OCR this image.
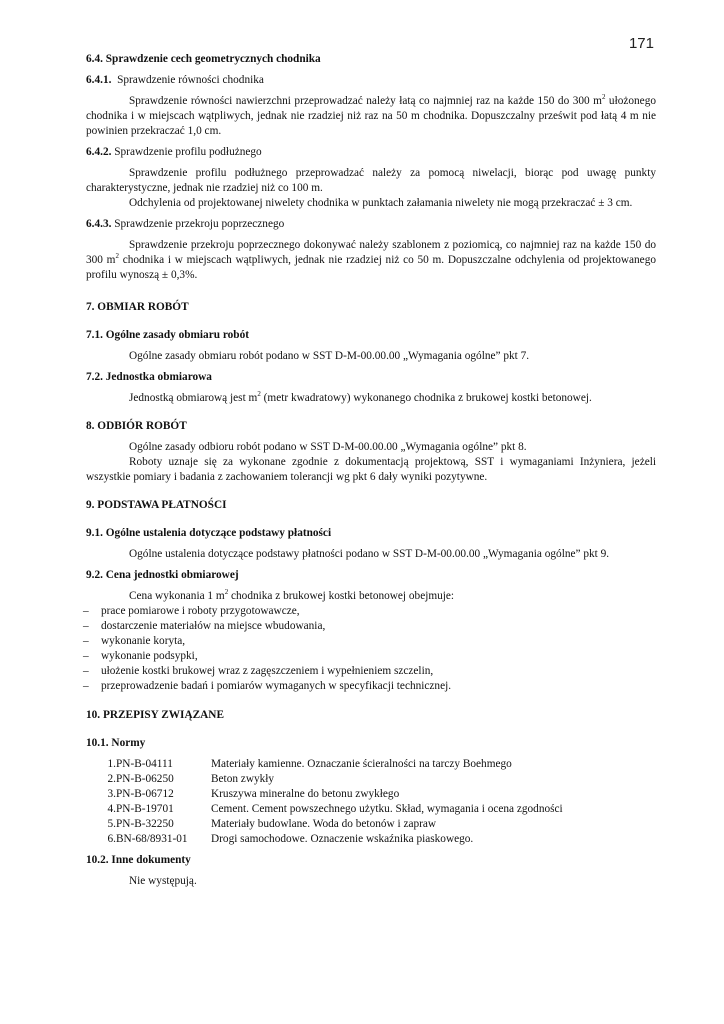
171

6.4. Sprawdzenie cech geometrycznych chodnika

6.4.1. Sprawdzenie równości chodnika

Sprawdzenie równości nawierzchni przeprowadzać należy łatą co najmniej raz na każde 150 do 300 $m^2$ ułożonego chodnika i w miejscach wątpliwych, jednak nie rzadziej niż raz na 50 m chodnika. Dopuszczalny prześwit pod łatą 4 m nie powinien przekraczać 1,0 cm.

6.4.2. Sprawdzenie profilu podłużnego

Sprawdzenie profilu podłużnego przeprowadzać należy za pomocą niwelacji, biorąc pod uwagę punkty charakterystyczne, jednak nie rzadziej niż co 100 m.

Odchylenia od projektowanej niwelety chodnika w punktach załamania niwelety nie mogą przekraczać ± 3 cm.

6.4.3. Sprawdzenie przekroju poprzecznego

Sprawdzenie przekroju poprzecznego dokonywać należy szablonem z poziomicą, co najmniej raz na każde 150 do 300 $m^2$ chodnika i w miejscach wątpliwych, jednak nie rzadziej niż co 50 m. Dopuszczalne odchylenia od projektowanego profilu wynoszą ± 0,3%.

7. OBMIAR ROBÓT

7.1. Ogólne zasady obmiaru robót

Ogólne zasady obmiaru robót podano w SST D-M-00.00.00 „Wymagania ogólne” pkt 7.

7.2. Jednostka obmiarowa

Jednostką obmiarową jest $m^2$ (metr kwadratowy) wykonanego chodnika z brukowej kostki betonowej.

8. ODBIÓR ROBÓT

Ogólne zasady odbioru robót podano w SST D-M-00.00.00 „Wymagania ogólne” pkt 8.

Roboty uznaje się za wykonane zgodnie z dokumentacją projektową, SST i wymaganiami Inżyniera, jeżeli wszystkie pomiary i badania z zachowaniem tolerancji wg pkt 6 dały wyniki pozytywne.

9. PODSTAWA PŁATNOŚCI

9.1. Ogólne ustalenia dotyczące podstawy płatności

Ogólne ustalenia dotyczące podstawy płatności podano w SST D-M-00.00.00 „Wymagania ogólne” pkt 9.

9.2. Cena jednostki obmiarowej

Cena wykonania 1 $m^2$ chodnika z brukowej kostki betonowej obejmuje:

– prace pomiarowe i roboty przygotowawcze,
– dostarczenie materiałów na miejsce wbudowania,
– wykonanie koryta,
– wykonanie podsypki,
– ułożenie kostki brukowej wraz z zagęszczeniem i wypełnieniem szczelin,
– przeprowadzenie badań i pomiarów wymaganych w specyfikacji technicznej.

10. PRZEPISY ZWIĄZANE

10.1. Normy

1.	PN-B-04111	Materiały kamienne. Oznaczanie ścieralności na tarczy Boehmego
2.	PN-B-06250	Beton zwykły
3.	PN-B-06712	Kruszywa mineralne do betonu zwykłego
4.	PN-B-19701	Cement. Cement powszechnego użytku. Skład, wymagania i ocena zgodności
5.	PN-B-32250	Materiały budowlane. Woda do betonów i zapraw
6.	BN-68/8931-01	Drogi samochodowe. Oznaczenie wskaźnika piaskowego.

10.2. Inne dokumenty

Nie występują.
